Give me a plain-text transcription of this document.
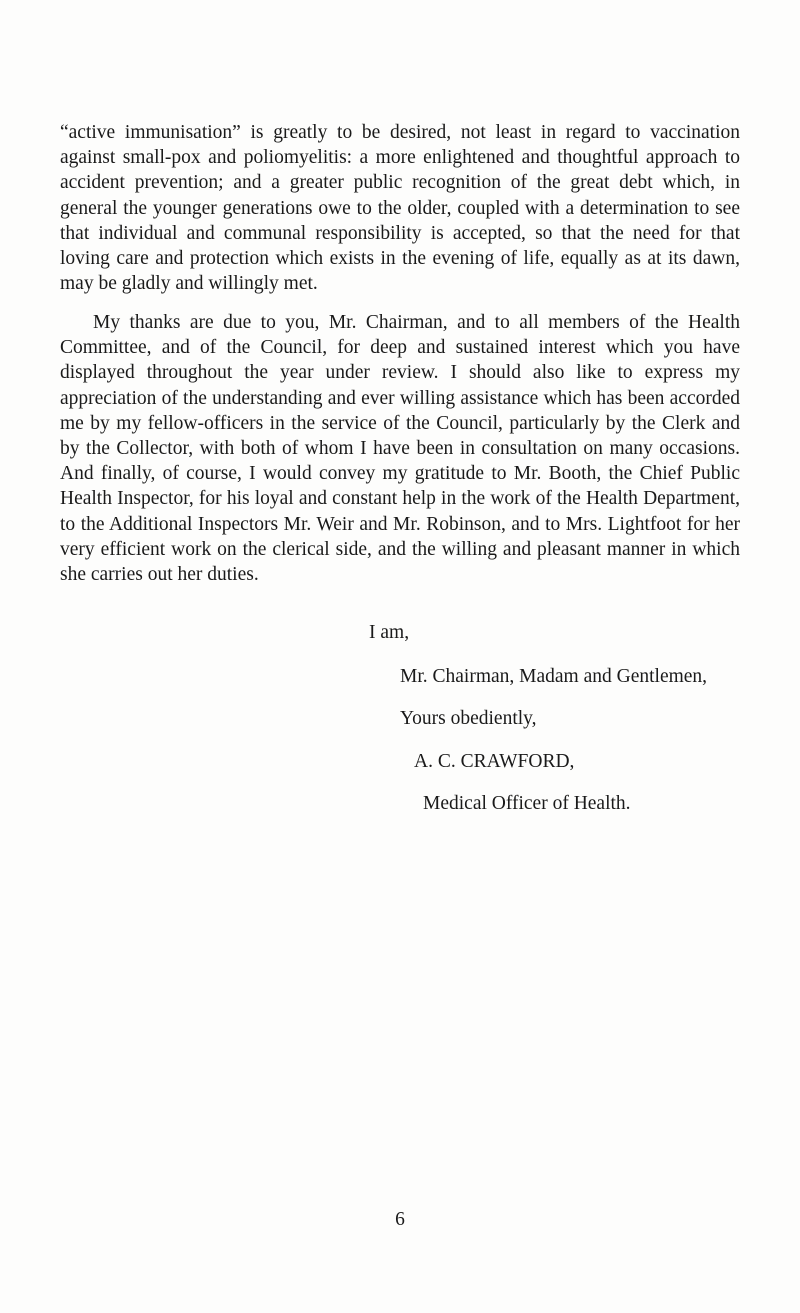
“active immunisation” is greatly to be desired, not least in regard to vaccination against small-pox and poliomyelitis: a more enlightened and thoughtful approach to accident prevention; and a greater public recognition of the great debt which, in general the younger generations owe to the older, coupled with a determination to see that individual and communal responsibility is accepted, so that the need for that loving care and protection which exists in the evening of life, equally as at its dawn, may be gladly and willingly met.

My thanks are due to you, Mr. Chairman, and to all members of the Health Committee, and of the Council, for deep and sustained interest which you have displayed throughout the year under review. I should also like to express my appreciation of the understanding and ever willing assistance which has been accorded me by my fellow-officers in the service of the Council, particularly by the Clerk and by the Collector, with both of whom I have been in consultation on many occasions. And finally, of course, I would convey my gratitude to Mr. Booth, the Chief Public Health Inspector, for his loyal and constant help in the work of the Health Department, to the Additional Inspectors Mr. Weir and Mr. Robinson, and to Mrs. Lightfoot for her very efficient work on the clerical side, and the willing and pleasant manner in which she carries out her duties.

I am,
Mr. Chairman, Madam and Gentlemen,
Yours obediently,
A. C. CRAWFORD,
Medical Officer of Health.
6
